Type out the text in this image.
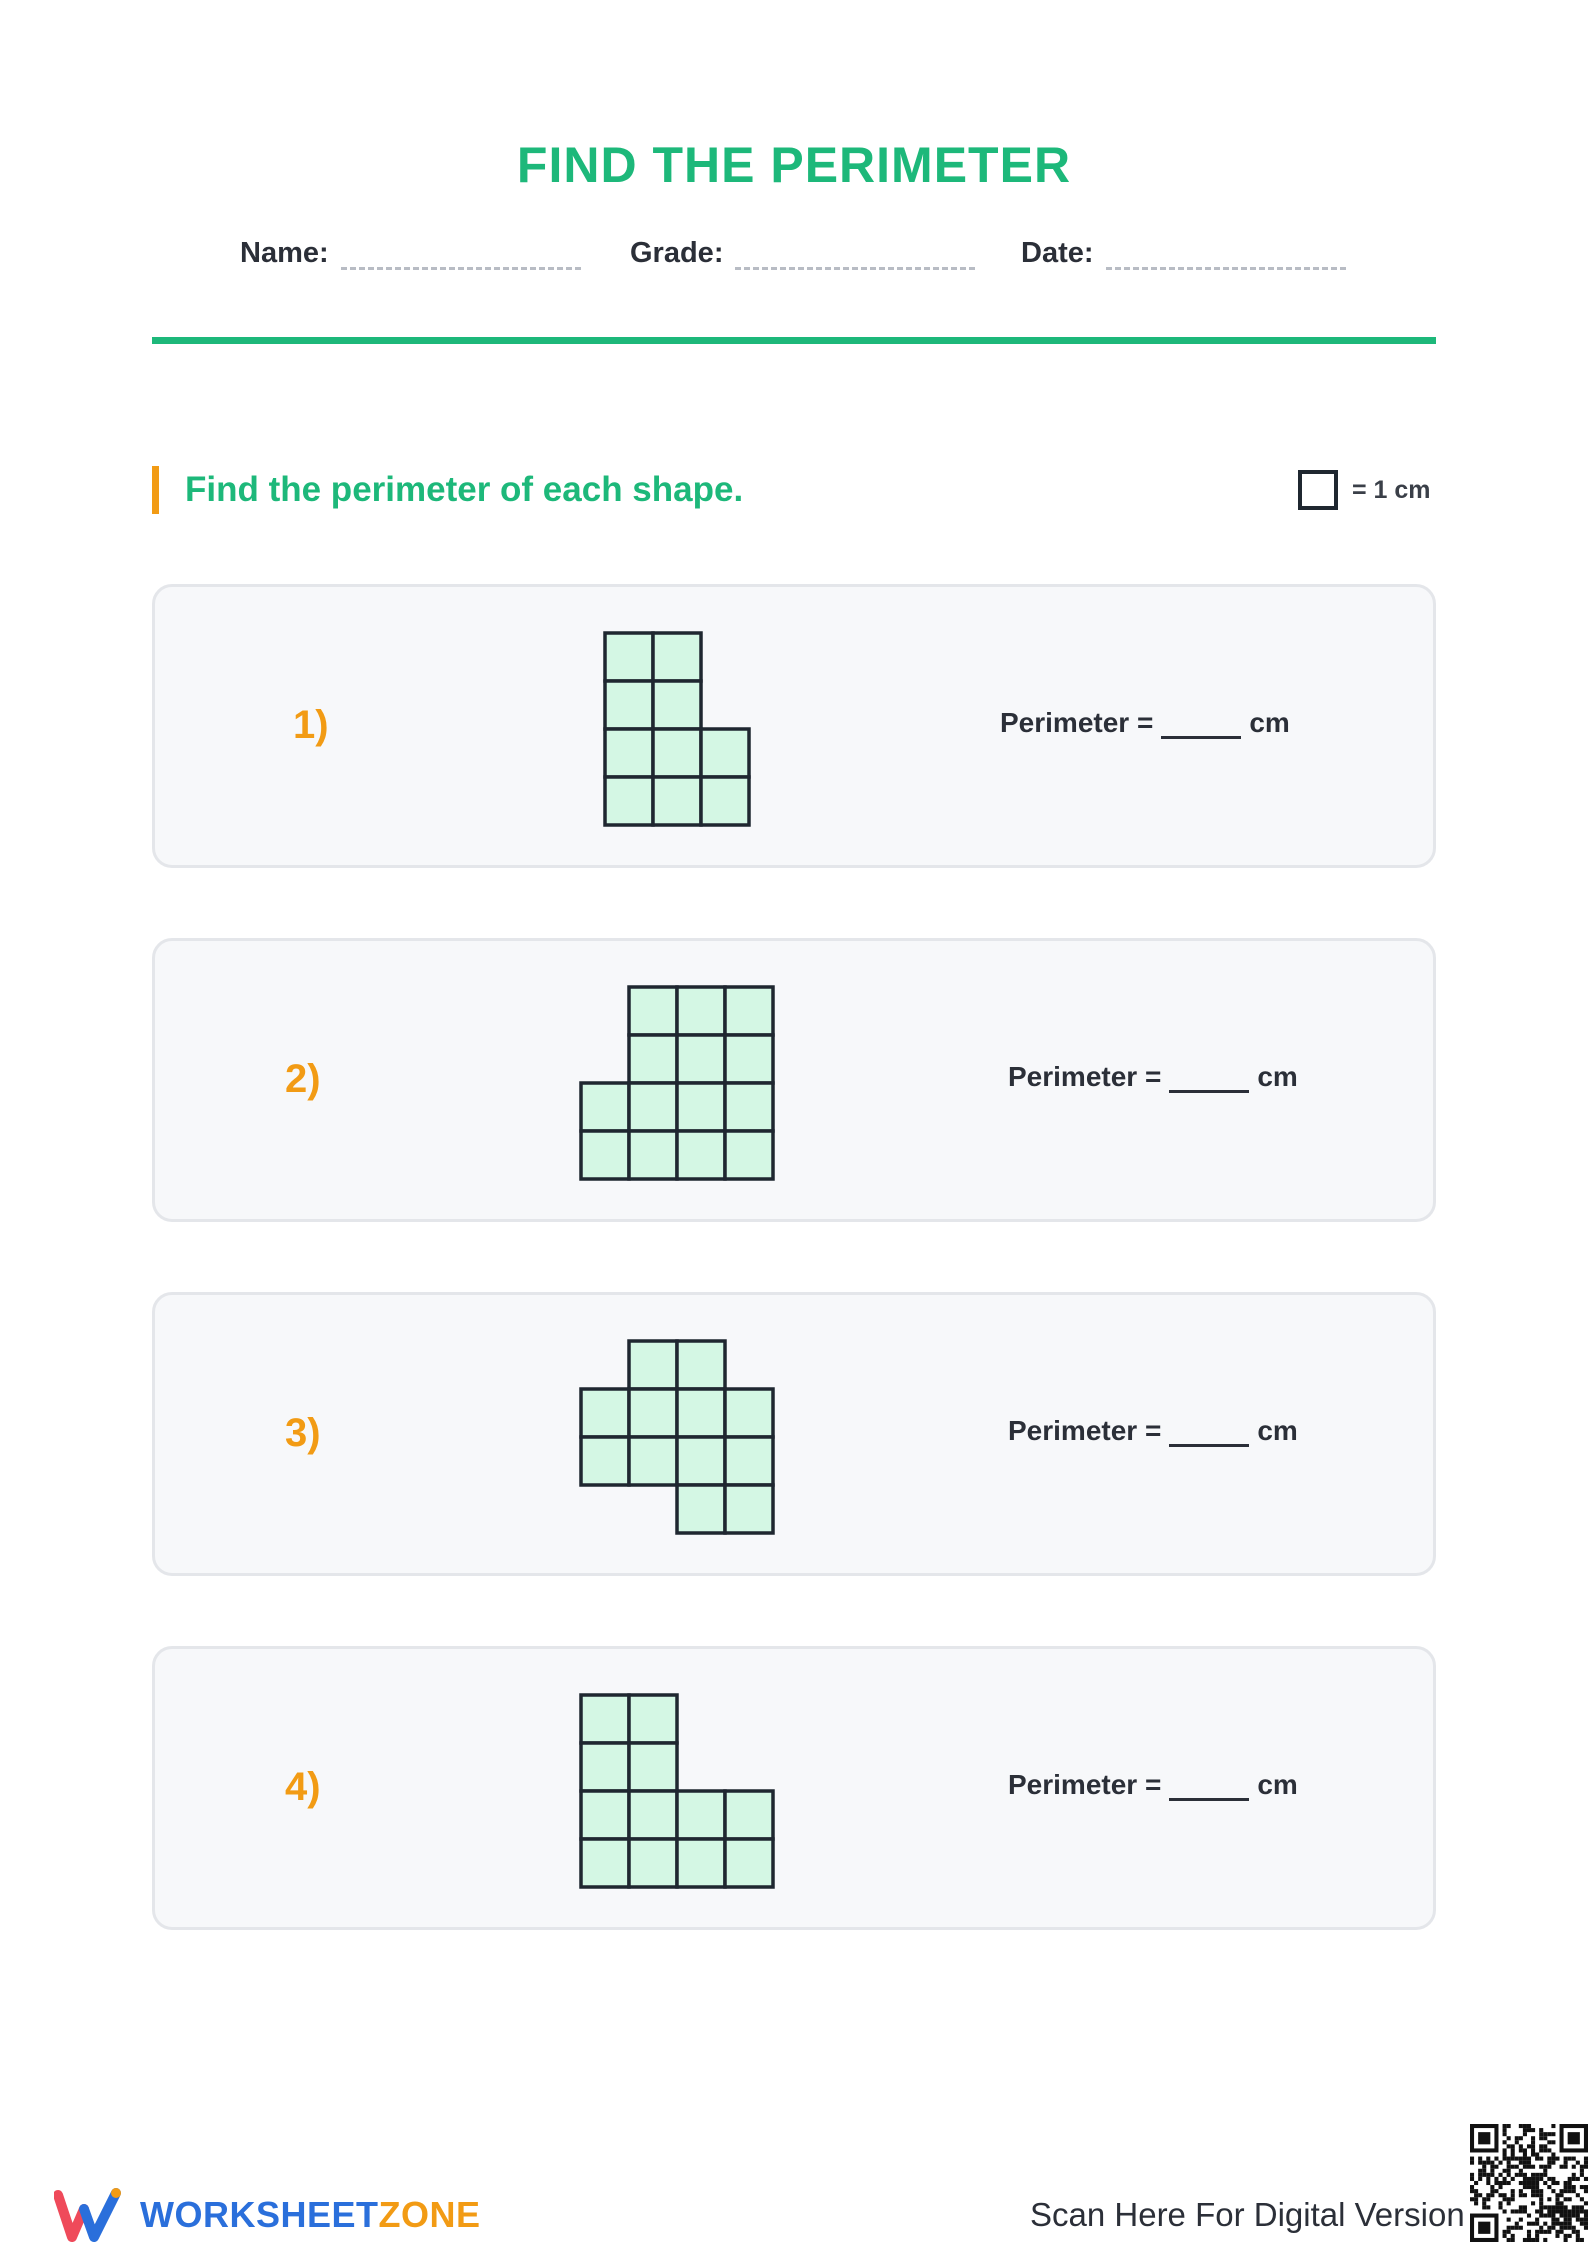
FIND THE PERIMETER
Name:	Grade:	Date:
Find the perimeter of each shape.	= 1 cm
1)	Perimeter =	cm
2)	Perimeter =	cm
3)	Perimeter =	cm
4)	Perimeter =	cm
WORKSHEETZONE	Scan Here For Digital Version
